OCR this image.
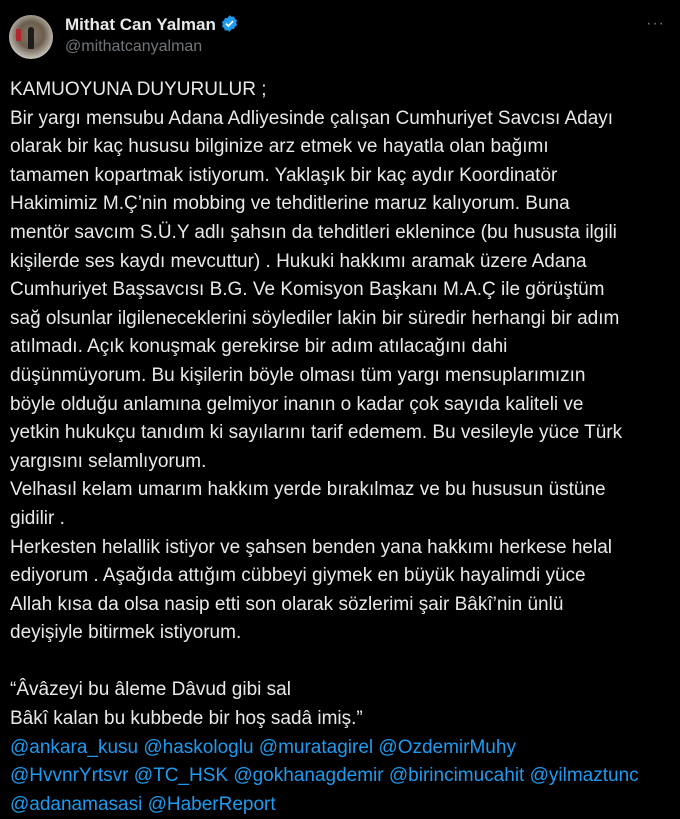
Mithat Can Yalman
@mithatcanyalman
···
KAMUOYUNA DUYURULUR ;
Bir yargı mensubu Adana Adliyesinde çalışan Cumhuriyet Savcısı Adayı
olarak bir kaç hususu bilginize arz etmek ve hayatla olan bağımı
tamamen kopartmak istiyorum. Yaklaşık bir kaç aydır Koordinatör
Hakimimiz M.Ç’nin mobbing ve tehditlerine maruz kalıyorum. Buna
mentör savcım S.Ü.Y adlı şahsın da tehditleri eklenince (bu hususta ilgili
kişilerde ses kaydı mevcuttur) . Hukuki hakkımı aramak üzere Adana
Cumhuriyet Başsavcısı B.G. Ve Komisyon Başkanı M.A.Ç ile görüştüm
sağ olsunlar ilgileneceklerini söylediler lakin bir süredir herhangi bir adım
atılmadı. Açık konuşmak gerekirse bir adım atılacağını dahi
düşünmüyorum. Bu kişilerin böyle olması tüm yargı mensuplarımızın
böyle olduğu anlamına gelmiyor inanın o kadar çok sayıda kaliteli ve
yetkin hukukçu tanıdım ki sayılarını tarif edemem. Bu vesileyle yüce Türk
yargısını selamlıyorum.
Velhasıl kelam umarım hakkım yerde bırakılmaz ve bu hususun üstüne
gidilir .
Herkesten helallik istiyor ve şahsen benden yana hakkımı herkese helal
ediyorum . Aşağıda attığım cübbeyi giymek en büyük hayalimdi yüce
Allah kısa da olsa nasip etti son olarak sözlerimi şair Bâkî’nin ünlü
deyişiyle bitirmek istiyorum.

“Âvâzeyi bu âleme Dâvud gibi sal
Bâkî kalan bu kubbede bir hoş sadâ imiş.”
@ankara_kusu @haskologlu @muratagirel @OzdemirMuhy
@HvvnrYrtsvr @TC_HSK @gokhanagdemir @birincimucahit @yilmaztunc
@adanamasasi @HaberReport
